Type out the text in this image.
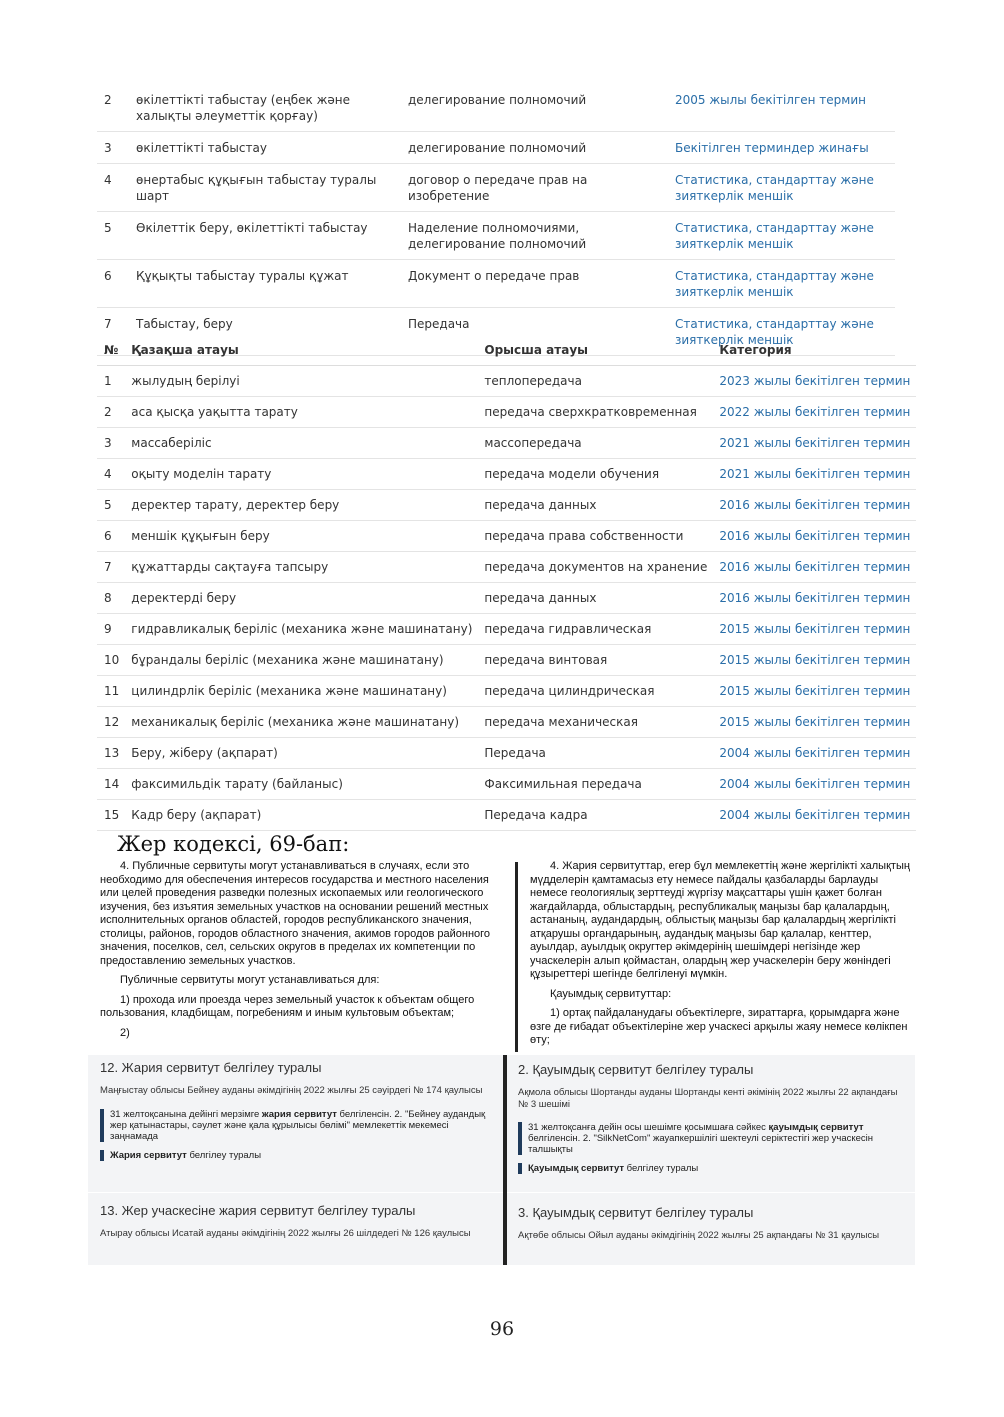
2	өкілеттікті табыстау (еңбек және халықты әлеуметтік қорғау)	делегирование полномочий	2005 жылы бекітілген термин
3	өкілеттікті табыстау	делегирование полномочий	Бекітілген терминдер жинағы
4	өнертабыс құқығын табыстау туралы шарт	договор о передаче прав на изобретение	Статистика, стандарттау және зияткерлік меншік
5	Өкілеттік беру, өкілеттікті табыстау	Наделение полномочиями, делегирование полномочий	Статистика, стандарттау және зияткерлік меншік
6	Құқықты табыстау туралы құжат	Документ о передаче прав	Статистика, стандарттау және зияткерлік меншік
7	Табыстау, беру	Передача	Статистика, стандарттау және зияткерлік меншік
№	Қазақша атауы	Орысша атауы	Категория
1	жылудың берілуі	теплопередача	2023 жылы бекітілген термин
2	аса қысқа уақытта тарату	передача сверхкратковременная	2022 жылы бекітілген термин
3	массаберіліс	массопередача	2021 жылы бекітілген термин
4	оқыту моделін тарату	передача модели обучения	2021 жылы бекітілген термин
5	деректер тарату, деректер беру	передача данных	2016 жылы бекітілген термин
6	меншік құқығын беру	передача права собственности	2016 жылы бекітілген термин
7	құжаттарды сақтауға тапсыру	передача документов на хранение	2016 жылы бекітілген термин
8	деректерді беру	передача данных	2016 жылы бекітілген термин
9	гидравликалық беріліс (механика және машинатану)	передача гидравлическая	2015 жылы бекітілген термин
10	бұрандалы беріліс (механика және машинатану)	передача винтовая	2015 жылы бекітілген термин
11	цилиндрлік беріліс (механика және машинатану)	передача цилиндрическая	2015 жылы бекітілген термин
12	механикалық беріліс (механика және машинатану)	передача механическая	2015 жылы бекітілген термин
13	Беру, жіберу (ақпарат)	Передача	2004 жылы бекітілген термин
14	факсимильдік тарату (байланыс)	Факсимильная передача	2004 жылы бекітілген термин
15	Кадр беру (ақпарат)	Передача кадра	2004 жылы бекітілген термин
Жер кодексі, 69-бап:

4. Публичные сервитуты могут устанавливаться в случаях, если это необходимо для обеспечения интересов государства и местного населения или целей проведения разведки полезных ископаемых или геологического изучения, без изъятия земельных участков на основании решений местных исполнительных органов областей, городов республиканского значения, столицы, районов, городов областного значения, акимов городов районного значения, поселков, сел, сельских округов в пределах их компетенции по предоставлению земельных участков.

Публичные сервитуты могут устанавливаться для:

1) прохода или проезда через земельный участок к объектам общего пользования, кладбищам, погребениям и иным культовым объектам;

2)

4. Жария сервитуттар, егер бұл мемлекеттің және жергілікті халықтың мүдделерін қамтамасыз ету немесе пайдалы қазбаларды барлауды немесе геологиялық зерттеуді жүргізу мақсаттары үшін қажет болған жағдайларда, облыстардың, республикалық маңызы бар қалалардың, астананың, аудандардың, облыстық маңызы бар қалалардың жергілікті атқарушы органдарының, аудандық маңызы бар қалалар, кенттер, ауылдар, ауылдық округтер әкімдерінің шешімдері негізінде жер учаскелерін алып қоймастан, олардың жер учаскелерін беру жөніндегі құзыреттері шегінде белгіленуі мүмкін.

Қауымдық сервитуттар:

1) ортақ пайдаланудағы объектілерге, зираттарға, қорымдарға және өзге де ғибадат объектілеріне жер учаскесі арқылы жаяу немесе көлікпен өту;

12. Жария сервитут белгілеу туралы
Маңғыстау облысы Бейнеу ауданы әкімдігінің 2022 жылғы 25 сәуірдегі № 174 қаулысы
31 желтоқсанына дейінгі мерзімге жария сервитут белгіленсін. 2. "Бейнеу аудандық жер қатынастары, сәулет және қала құрылысы бөлімі" мемлекеттік мекемесі заңнамада
Жария сервитут белгілеу туралы
2. Қауымдық сервитут белгілеу туралы
Ақмола облысы Шортанды ауданы Шортанды кенті әкімінің 2022 жылғы 22 ақпандағы № 3 шешімі
31 желтоқсанға дейін осы шешімге қосымшаға сәйкес қауымдық сервитут белгіленсін. 2. "SilkNetCom" жауапкершілігі шектеулі серіктестігі жер учаскесін талшықты
Қауымдық сервитут белгілеу туралы
13. Жер учаскесіне жария сервитут белгілеу туралы
Атырау облысы Исатай ауданы әкімдігінің 2022 жылғы 26 шілдедегі № 126 қаулысы
3. Қауымдық сервитут белгілеу туралы
Ақтөбе облысы Ойыл ауданы әкімдігінің 2022 жылғы 25 ақпандағы № 31 қаулысы
96
